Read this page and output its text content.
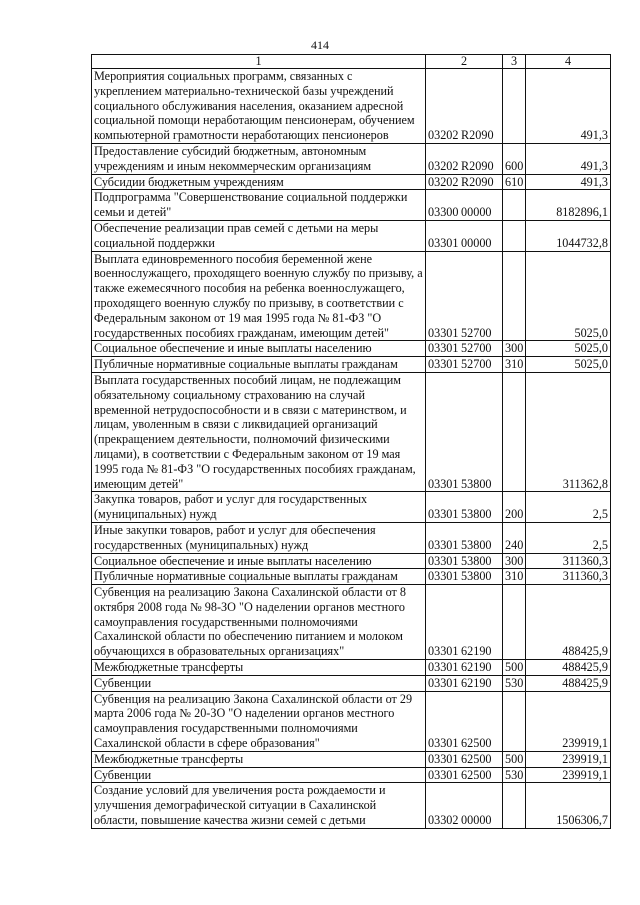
414
1	2	3	4
Мероприятия социальных программ, связанных с укреплением материально-технической базы учреждений социального обслуживания населения, оказанием адресной социальной помощи неработающим пенсионерам, обучением компьютерной грамотности неработающих пенсионеров	03202 R2090		491,3
Предоставление субсидий бюджетным, автономным учреждениям и иным некоммерческим организациям	03202 R2090	600	491,3
Субсидии бюджетным учреждениям	03202 R2090	610	491,3
Подпрограмма "Совершенствование социальной поддержки семьи и детей"	03300 00000		8182896,1
Обеспечение реализации прав семей с детьми на меры социальной поддержки	03301 00000		1044732,8
Выплата единовременного пособия беременной жене военнослужащего, проходящего военную службу по призыву, а также ежемесячного пособия на ребенка военнослужащего, проходящего военную службу по призыву, в соответствии с Федеральным законом от 19 мая 1995 года № 81-ФЗ "О государственных пособиях гражданам, имеющим детей"	03301 52700		5025,0
Социальное обеспечение и иные выплаты населению	03301 52700	300	5025,0
Публичные нормативные социальные выплаты гражданам	03301 52700	310	5025,0
Выплата государственных пособий лицам, не подлежащим обязательному социальному страхованию на случай временной нетрудоспособности и в связи с материнством, и лицам, уволенным в связи с ликвидацией организаций (прекращением деятельности, полномочий физическими лицами), в соответствии с Федеральным законом от 19 мая 1995 года № 81-ФЗ "О государственных пособиях гражданам, имеющим детей"	03301 53800		311362,8
Закупка товаров, работ и услуг для государственных (муниципальных) нужд	03301 53800	200	2,5
Иные закупки товаров, работ и услуг для обеспечения государственных (муниципальных) нужд	03301 53800	240	2,5
Социальное обеспечение и иные выплаты населению	03301 53800	300	311360,3
Публичные нормативные социальные выплаты гражданам	03301 53800	310	311360,3
Субвенция на реализацию Закона Сахалинской области от 8 октября 2008 года № 98-ЗО "О наделении органов местного самоуправления государственными полномочиями Сахалинской области по обеспечению питанием и молоком обучающихся в образовательных организациях"	03301 62190		488425,9
Межбюджетные трансферты	03301 62190	500	488425,9
Субвенции	03301 62190	530	488425,9
Субвенция на реализацию Закона Сахалинской области от 29 марта 2006 года № 20-ЗО "О наделении органов местного самоуправления государственными полномочиями Сахалинской области в сфере образования"	03301 62500		239919,1
Межбюджетные трансферты	03301 62500	500	239919,1
Субвенции	03301 62500	530	239919,1
Создание условий для увеличения роста рождаемости и улучшения демографической ситуации в Сахалинской области, повышение качества жизни семей с детьми	03302 00000		1506306,7
